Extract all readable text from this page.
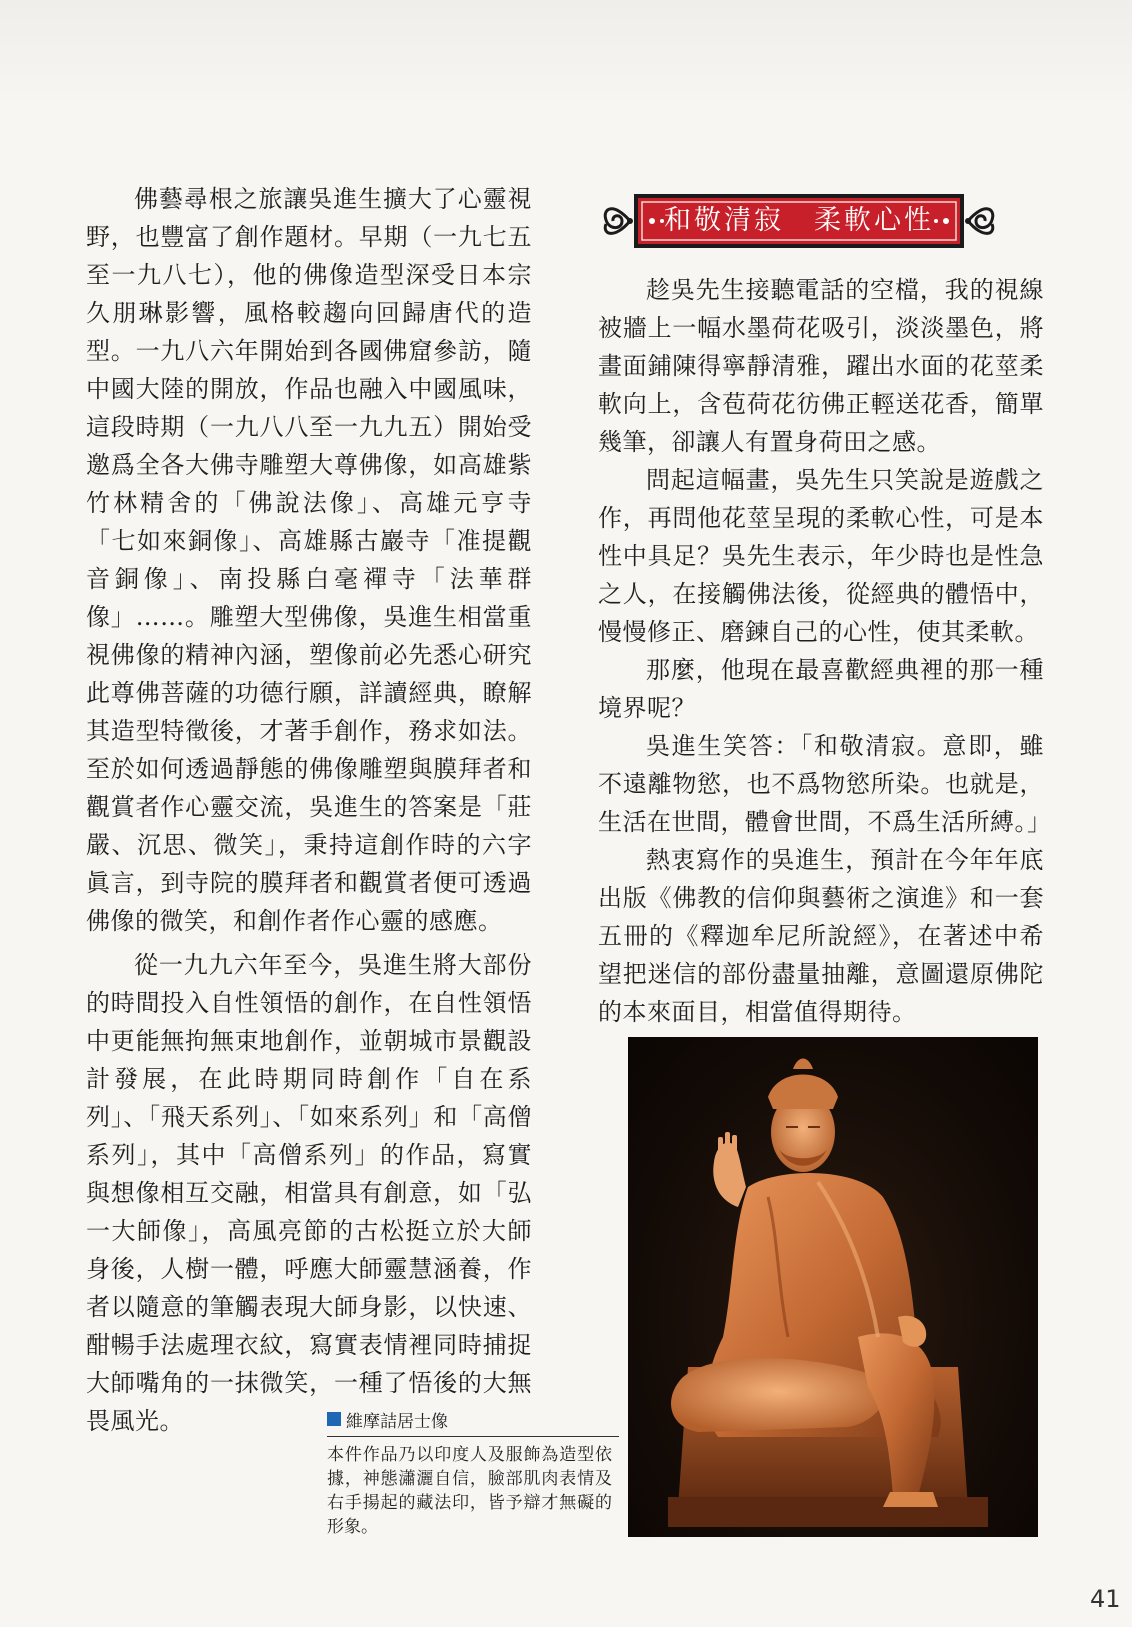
佛藝尋根之旅讓吳進生擴大了心靈視野，也豐富了創作題材。早期（一九七五至一九八七），他的佛像造型深受日本宗久朋琳影響，風格較趨向回歸唐代的造型。一九八六年開始到各國佛窟參訪，隨中國大陸的開放，作品也融入中國風味，這段時期（一九八八至一九九五）開始受邀爲全各大佛寺雕塑大尊佛像，如高雄紫竹林精舍的「佛說法像」、高雄元亨寺「七如來銅像」、高雄縣古巖寺「准提觀音銅像」、南投縣白毫禪寺「法華群像」……。雕塑大型佛像，吳進生相當重視佛像的精神內涵，塑像前必先悉心研究此尊佛菩薩的功德行願，詳讀經典，瞭解其造型特徵後，才著手創作，務求如法。至於如何透過靜態的佛像雕塑與膜拜者和觀賞者作心靈交流，吳進生的答案是「莊嚴、沉思、微笑」，秉持這創作時的六字眞言，到寺院的膜拜者和觀賞者便可透過佛像的微笑，和創作者作心靈的感應。

從一九九六年至今，吳進生將大部份的時間投入自性領悟的創作，在自性領悟中更能無拘無束地創作，並朝城市景觀設計發展，在此時期同時創作「自在系列」、「飛天系列」、「如來系列」和「高僧系列」，其中「高僧系列」的作品，寫實與想像相互交融，相當具有創意，如「弘一大師像」，高風亮節的古松挺立於大師身後，人樹一體，呼應大師靈慧涵養，作者以隨意的筆觸表現大師身影，以快速、酣暢手法處理衣紋，寫實表情裡同時捕捉大師嘴角的一抹微笑，一種了悟後的大無畏風光。

和敬清寂　柔軟心性

趁吳先生接聽電話的空檔，我的視線被牆上一幅水墨荷花吸引，淡淡墨色，將畫面鋪陳得寧靜清雅，躍出水面的花莖柔軟向上，含苞荷花彷佛正輕送花香，簡單幾筆，卻讓人有置身荷田之感。

問起這幅畫，吳先生只笑說是遊戲之作，再問他花莖呈現的柔軟心性，可是本性中具足？吳先生表示，年少時也是性急之人，在接觸佛法後，從經典的體悟中，慢慢修正、磨鍊自己的心性，使其柔軟。

那麼，他現在最喜歡經典裡的那一種境界呢？

吳進生笑答：「和敬清寂。意即，雖不遠離物慾，也不爲物慾所染。也就是，生活在世間，體會世間，不爲生活所縛。」

熱衷寫作的吳進生，預計在今年年底出版《佛教的信仰與藝術之演進》和一套五冊的《釋迦牟尼所說經》，在著述中希望把迷信的部份盡量抽離，意圖還原佛陀的本來面目，相當值得期待。

維摩詰居士像
本件作品乃以印度人及服飾為造型依據，神態瀟灑自信，臉部肌肉表情及右手揚起的藏法印，皆予辯才無礙的形象。
41
